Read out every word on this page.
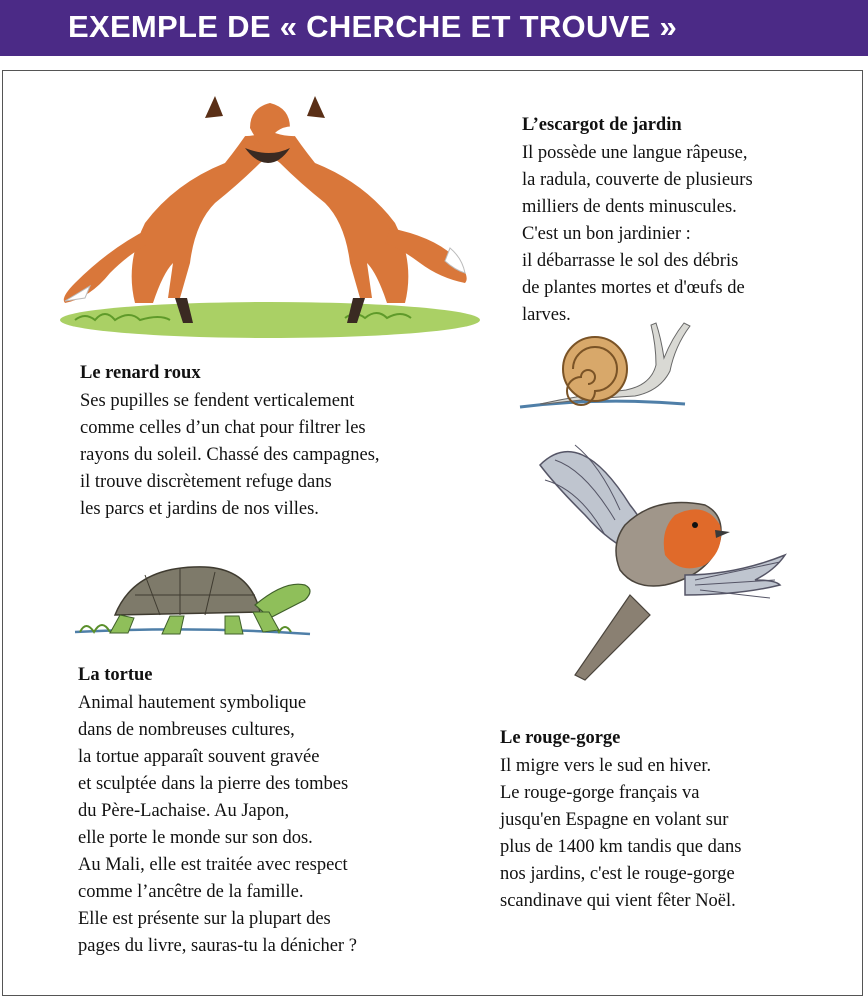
EXEMPLE DE « CHERCHE ET TROUVE »
Le renard roux
Ses pupilles se fendent verticalement
comme celles d’un chat pour filtrer les
rayons du soleil. Chassé des campagnes,
il trouve discrètement refuge dans
les parcs et jardins de nos villes.
L’escargot de jardin
Il possède une langue râpeuse,
la radula, couverte de plusieurs
milliers de dents minuscules.
C'est un bon jardinier :
il débarrasse le sol des débris
de plantes mortes et d'œufs de
larves.
La tortue
Animal hautement symbolique
dans de nombreuses cultures,
la tortue apparaît souvent gravée
et sculptée dans la pierre des tombes
du Père-Lachaise. Au Japon,
elle porte le monde sur son dos.
Au Mali, elle est traitée avec respect
comme l’ancêtre de la famille.
Elle est présente sur la plupart des
pages du livre, sauras-tu la dénicher ?
Le rouge-gorge
Il migre vers le sud en hiver.
Le rouge-gorge français va
jusqu'en Espagne en volant sur
plus de 1400 km tandis que dans
nos jardins, c'est le rouge-gorge
scandinave qui vient fêter Noël.
